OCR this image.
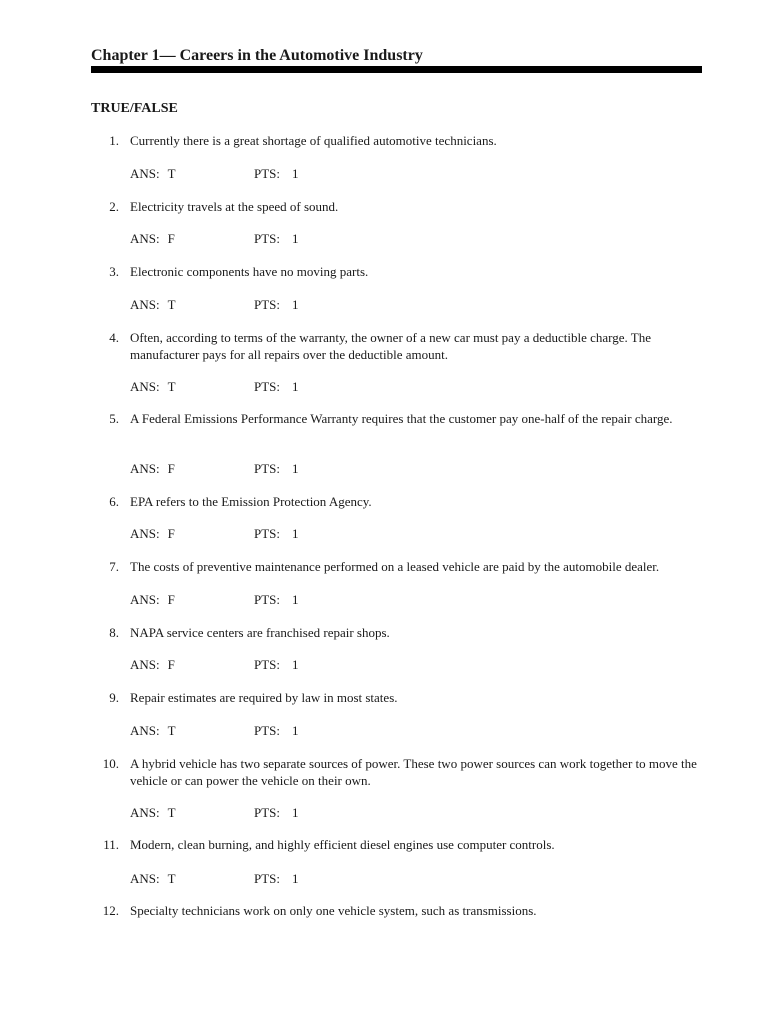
Chapter 1— Careers in the Automotive Industry
TRUE/FALSE
1. Currently there is a great shortage of qualified automotive technicians.

ANS: T	PTS: 1
2. Electricity travels at the speed of sound.

ANS: F	PTS: 1
3. Electronic components have no moving parts.

ANS: T	PTS: 1
4. Often, according to terms of the warranty, the owner of a new car must pay a deductible charge. The manufacturer pays for all repairs over the deductible amount.

ANS: T	PTS: 1
5. A Federal Emissions Performance Warranty requires that the customer pay one-half of the repair charge.

ANS: F	PTS: 1
6. EPA refers to the Emission Protection Agency.

ANS: F	PTS: 1
7. The costs of preventive maintenance performed on a leased vehicle are paid by the automobile dealer.

ANS: F	PTS: 1
8. NAPA service centers are franchised repair shops.

ANS: F	PTS: 1
9. Repair estimates are required by law in most states.

ANS: T	PTS: 1
10. A hybrid vehicle has two separate sources of power. These two power sources can work together to move the vehicle or can power the vehicle on their own.

ANS: T	PTS: 1
11. Modern, clean burning, and highly efficient diesel engines use computer controls.

ANS: T	PTS: 1
12. Specialty technicians work on only one vehicle system, such as transmissions.
